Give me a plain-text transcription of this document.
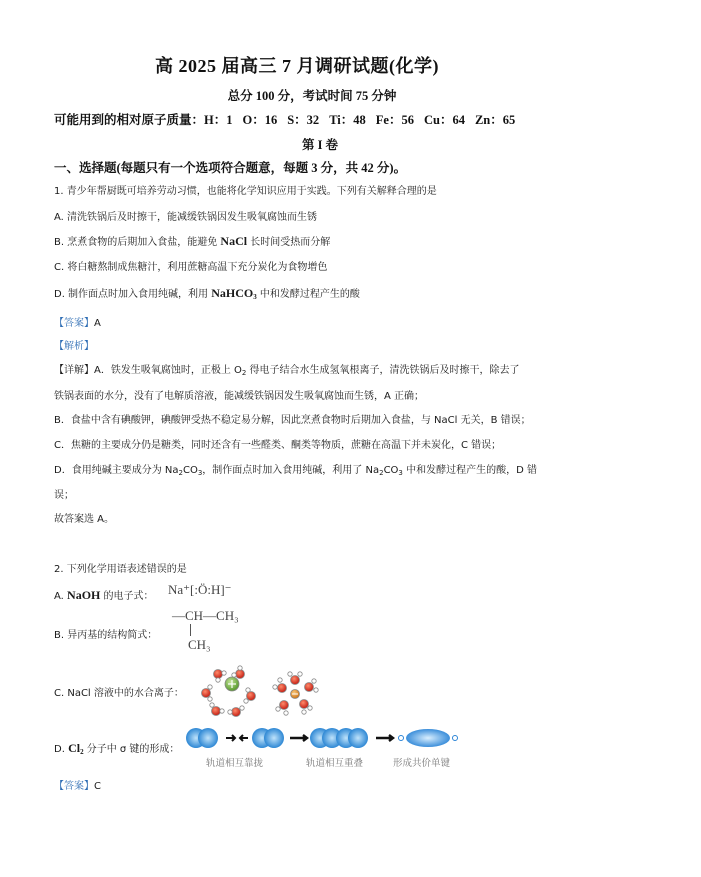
高 2025 届高三 7 月调研试题(化学)
总分 100 分，考试时间 75 分钟
可能用到的相对原子质量：H：1 O：16 S：32 Ti：48 Fe：56 Cu：64 Zn：65
第 I 卷
一、选择题(每题只有一个选项符合题意，每题 3 分，共 42 分)。
1. 青少年帮厨既可培养劳动习惯，也能将化学知识应用于实践。下列有关解释合理的是
A. 清洗铁锅后及时擦干，能减缓铁锅因发生吸氧腐蚀而生锈
B. 烹煮食物的后期加入食盐，能避免 NaCl 长时间受热而分解
C. 将白糖熬制成焦糖汁，利用蔗糖高温下充分炭化为食物增色
D. 制作面点时加入食用纯碱，利用 NaHCO$_3$ 中和发酵过程产生的酸
【答案】A
【解析】
【详解】A．铁发生吸氧腐蚀时，正极上 $O_2$ 得电子结合水生成氢氧根离子，清洗铁锅后及时擦干，除去了
铁锅表面的水分，没有了电解质溶液，能减缓铁锅因发生吸氧腐蚀而生锈，A 正确；
B．食盐中含有碘酸钾，碘酸钾受热不稳定易分解，因此烹煮食物时后期加入食盐，与 NaCl 无关，B 错误；
C．焦糖的主要成分仍是糖类，同时还含有一些醛类、酮类等物质，蔗糖在高温下并未炭化，C 错误；
D．食用纯碱主要成分为 $Na_2CO_3$，制作面点时加入食用纯碱，利用了 $Na_2CO_3$ 中和发酵过程产生的酸，D 错
误；
故答案选 A。
2. 下列化学用语表述错误的是
A. NaOH 的电子式： Na⁺[:Ö:H]⁻
B. 异丙基的结构简式：
—CH—CH₃
CH₃
C. NaCl 溶液中的水合离子：
D. $Cl_2$ 分子中 σ 键的形成：
轨道相互靠拢	轨道相互重叠	形成共价单键
【答案】C
